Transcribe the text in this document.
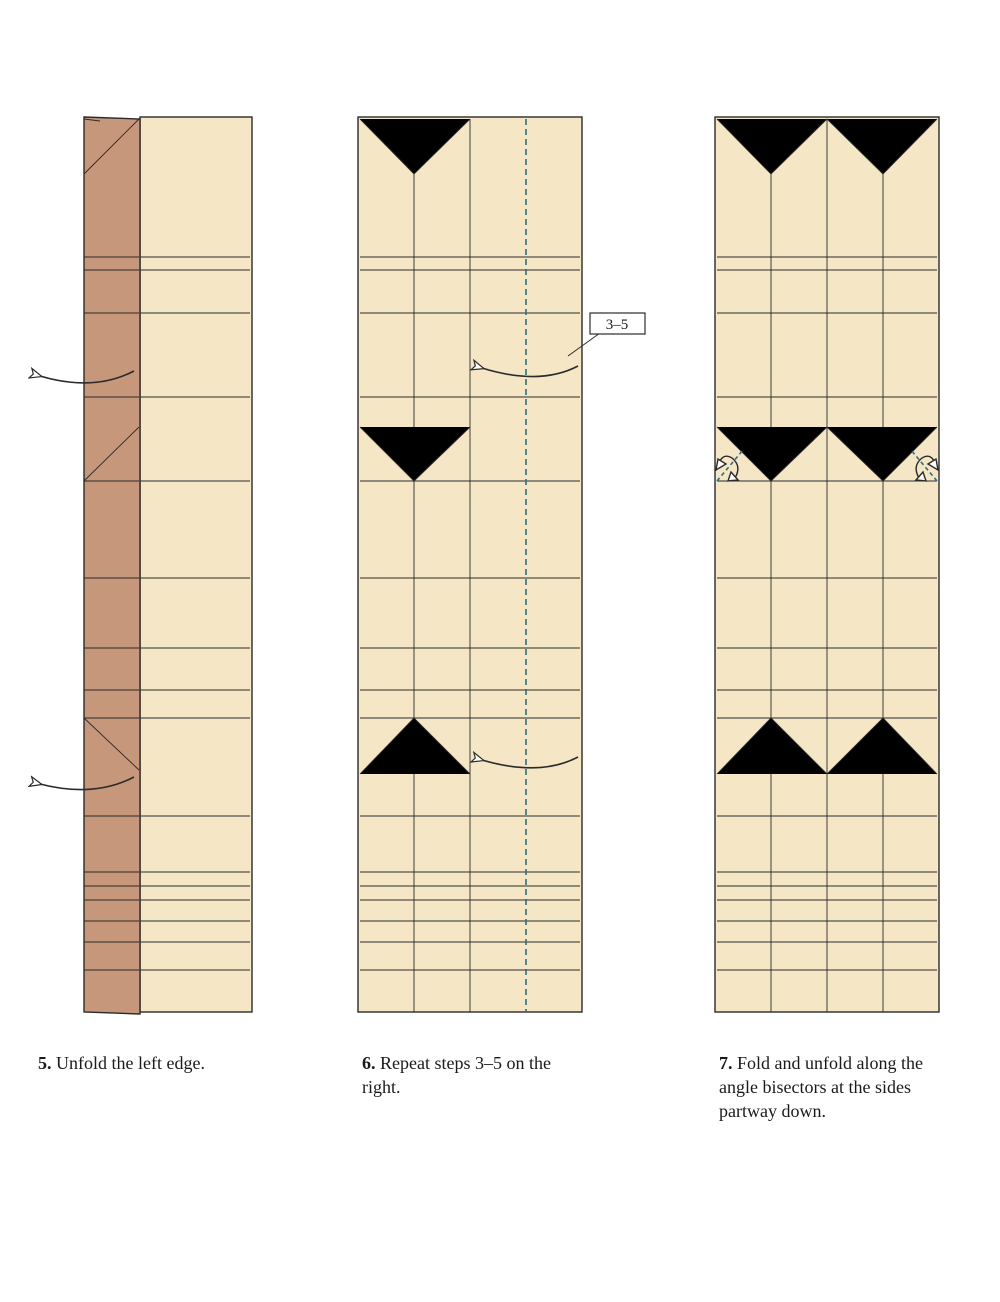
3–5
5. Unfold the left edge.	6. Repeat steps 3–5 on the right.
7. Fold and unfold along the angle bisectors at the sides partway down.
